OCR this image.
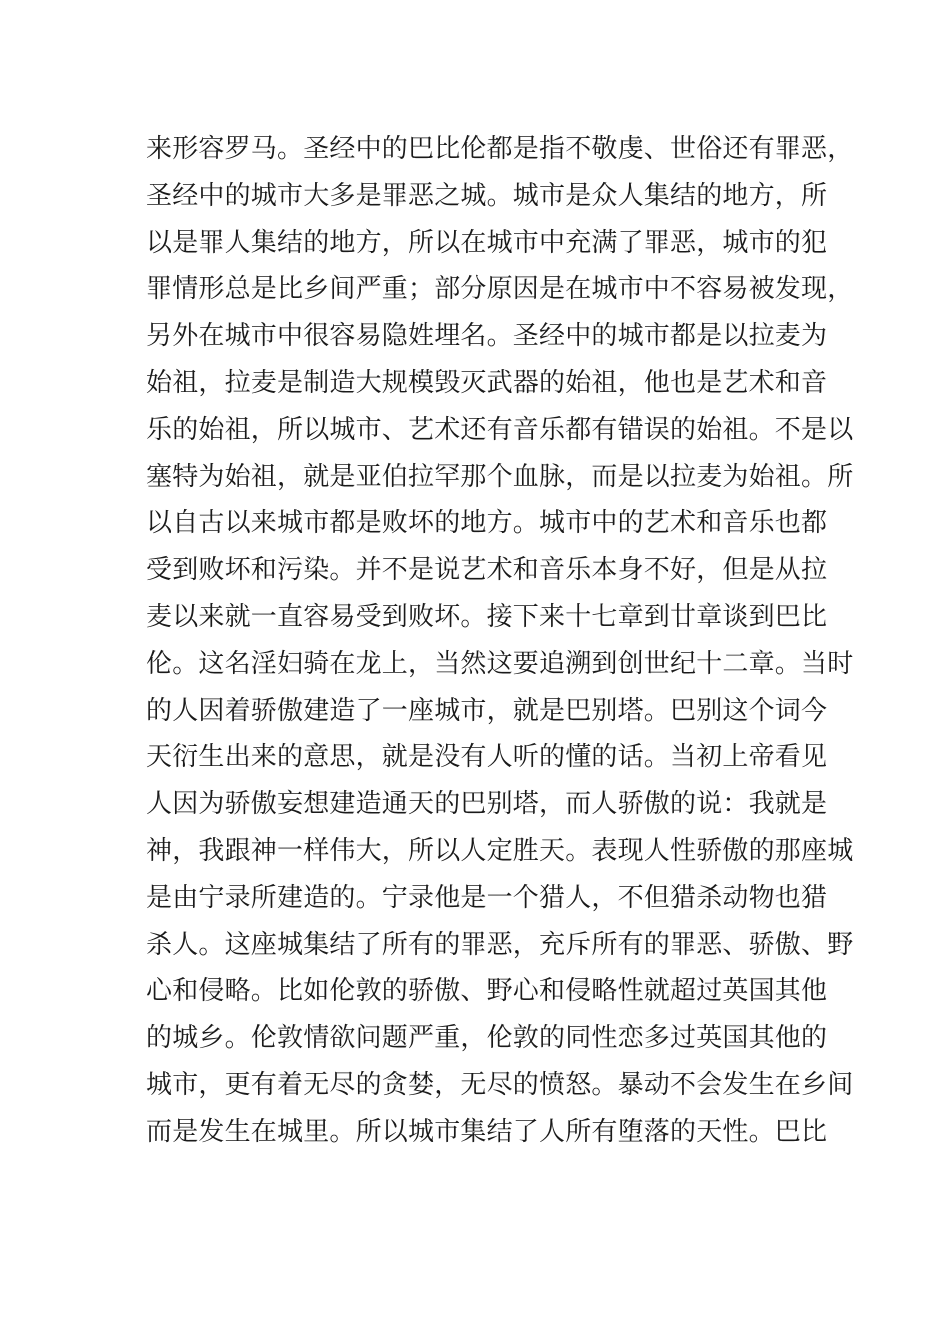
来形容罗马。圣经中的巴比伦都是指不敬虔、世俗还有罪恶，
圣经中的城市大多是罪恶之城。城市是众人集结的地方，所
以是罪人集结的地方，所以在城市中充满了罪恶，城市的犯
罪情形总是比乡间严重；部分原因是在城市中不容易被发现，
另外在城市中很容易隐姓埋名。圣经中的城市都是以拉麦为
始祖，拉麦是制造大规模毁灭武器的始祖，他也是艺术和音
乐的始祖，所以城市、艺术还有音乐都有错误的始祖。不是以
塞特为始祖，就是亚伯拉罕那个血脉，而是以拉麦为始祖。所
以自古以来城市都是败坏的地方。城市中的艺术和音乐也都
受到败坏和污染。并不是说艺术和音乐本身不好，但是从拉
麦以来就一直容易受到败坏。接下来十七章到廿章谈到巴比
伦。这名淫妇骑在龙上，当然这要追溯到创世纪十二章。当时
的人因着骄傲建造了一座城市，就是巴别塔。巴别这个词今
天衍生出来的意思，就是没有人听的懂的话。当初上帝看见
人因为骄傲妄想建造通天的巴别塔，而人骄傲的说：我就是
神，我跟神一样伟大，所以人定胜天。表现人性骄傲的那座城
是由宁录所建造的。宁录他是一个猎人，不但猎杀动物也猎
杀人。这座城集结了所有的罪恶，充斥所有的罪恶、骄傲、野
心和侵略。比如伦敦的骄傲、野心和侵略性就超过英国其他
的城乡。伦敦情欲问题严重，伦敦的同性恋多过英国其他的
城市，更有着无尽的贪婪，无尽的愤怒。暴动不会发生在乡间
而是发生在城里。所以城市集结了人所有堕落的天性。巴比
